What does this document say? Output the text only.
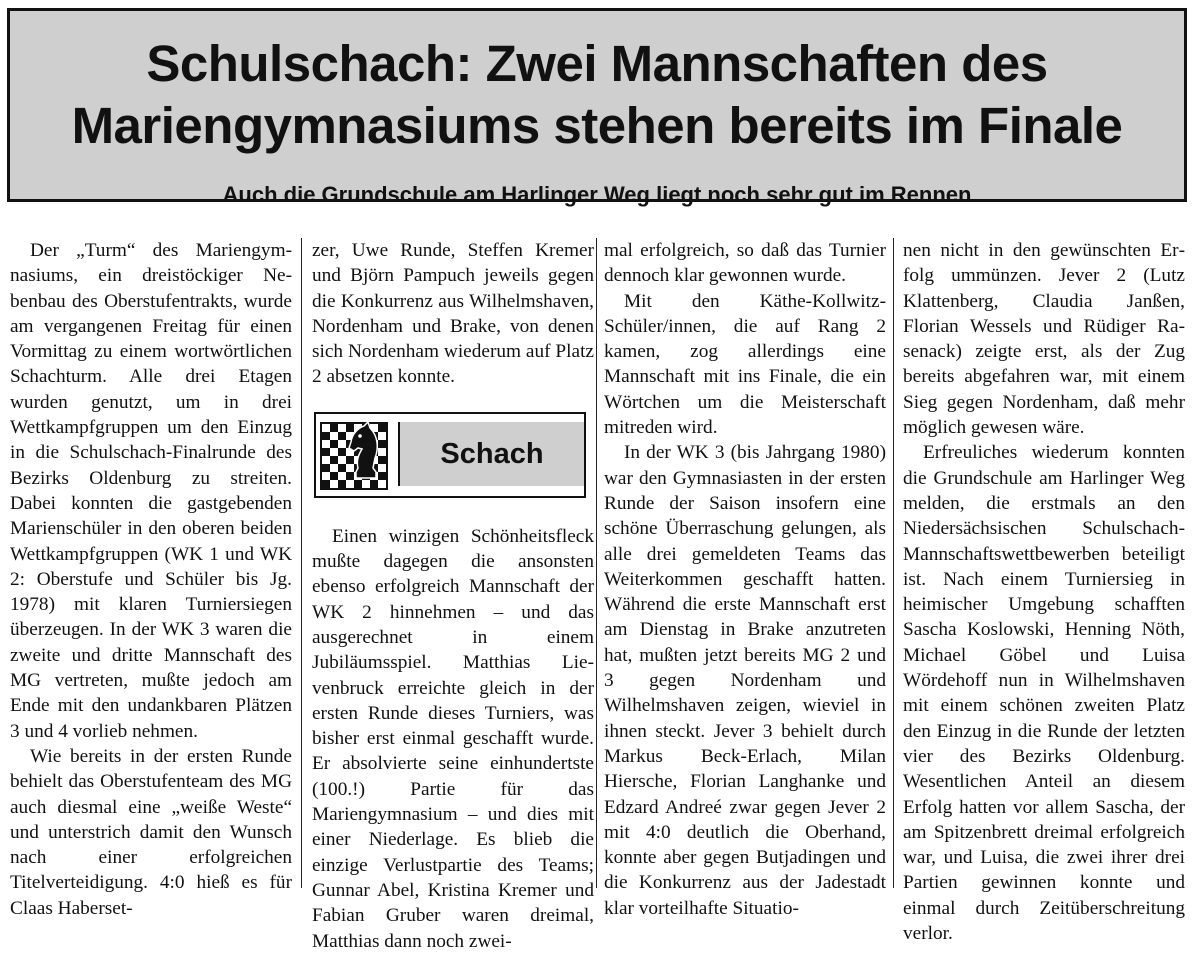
Schulschach: Zwei Mannschaften des
Mariengymnasiums stehen bereits im Finale
Auch die Grundschule am Harlinger Weg liegt noch sehr gut im Rennen

Der „Turm“ des Mariengymnasiums, ein dreistöckiger Nebenbau des Oberstufentrakts, wurde am vergangenen Freitag für einen Vormittag zu einem wortwörtlichen Schachturm. Alle drei Etagen wurden genutzt, um in drei Wettkampfgruppen um den Einzug in die Schulschach-Finalrunde des Bezirks Oldenburg zu streiten. Dabei konnten die gastgebenden Marienschüler in den oberen beiden Wettkampfgruppen (WK 1 und WK 2: Oberstufe und Schüler bis Jg. 1978) mit klaren Turniersiegen überzeugen. In der WK 3 waren die zweite und dritte Mannschaft des MG vertreten, mußte jedoch am Ende mit den undankbaren Plätzen 3 und 4 vorlieb nehmen.

Wie bereits in der ersten Runde behielt das Oberstufenteam des MG auch diesmal eine „weiße Weste“ und unterstrich damit den Wunsch nach einer erfolgreichen Titelverteidigung. 4:0 hieß es für Claas Haberset-

zer, Uwe Runde, Steffen Kremer und Björn Pampuch jeweils gegen die Konkurrenz aus Wilhelmshaven, Nordenham und Brake, von denen sich Nordenham wiederum auf Platz 2 absetzen konnte.

Einen winzigen Schönheitsfleck mußte dagegen die ansonsten ebenso erfolgreich Mannschaft der WK 2 hinnehmen – und das ausgerechnet in einem Jubiläumsspiel. Matthias Lievenbruck erreichte gleich in der ersten Runde dieses Turniers, was bisher erst einmal geschafft wurde. Er absolvierte seine einhundertste (100.!) Partie für das Mariengymnasium – und dies mit einer Niederlage. Es blieb die einzige Verlustpartie des Teams; Gunnar Abel, Kristina Kremer und Fabian Gruber waren dreimal, Matthias dann noch zwei-

Schach

mal erfolgreich, so daß das Turnier dennoch klar gewonnen wurde.

Mit den Käthe-Kollwitz-Schüler/innen, die auf Rang 2 kamen, zog allerdings eine Mannschaft mit ins Finale, die ein Wörtchen um die Meisterschaft mitreden wird.

In der WK 3 (bis Jahrgang 1980) war den Gymnasiasten in der ersten Runde der Saison insofern eine schöne Überraschung gelungen, als alle drei gemeldeten Teams das Weiterkommen geschafft hatten. Während die erste Mannschaft erst am Dienstag in Brake anzutreten hat, mußten jetzt bereits MG 2 und 3 gegen Nordenham und Wilhelmshaven zeigen, wieviel in ihnen steckt. Jever 3 behielt durch Markus Beck-Erlach, Milan Hiersche, Florian Langhanke und Edzard Andreé zwar gegen Jever 2 mit 4:0 deutlich die Oberhand, konnte aber gegen Butjadingen und die Konkurrenz aus der Jadestadt klar vorteilhafte Situatio-

nen nicht in den gewünschten Erfolg ummünzen. Jever 2 (Lutz Klattenberg, Claudia Janßen, Florian Wessels und Rüdiger Rasenack) zeigte erst, als der Zug bereits abgefahren war, mit einem Sieg gegen Nordenham, daß mehr möglich gewesen wäre.

Erfreuliches wiederum konnten die Grundschule am Harlinger Weg melden, die erstmals an den Niedersächsischen Schulschach-Mannschaftswettbewerben beteiligt ist. Nach einem Turniersieg in heimischer Umgebung schafften Sascha Koslowski, Henning Nöth, Michael Göbel und Luisa Wördehoff nun in Wilhelmshaven mit einem schönen zweiten Platz den Einzug in die Runde der letzten vier des Bezirks Oldenburg. Wesentlichen Anteil an diesem Erfolg hatten vor allem Sascha, der am Spitzenbrett dreimal erfolgreich war, und Luisa, die zwei ihrer drei Partien gewinnen konnte und einmal durch Zeitüberschreitung verlor.
